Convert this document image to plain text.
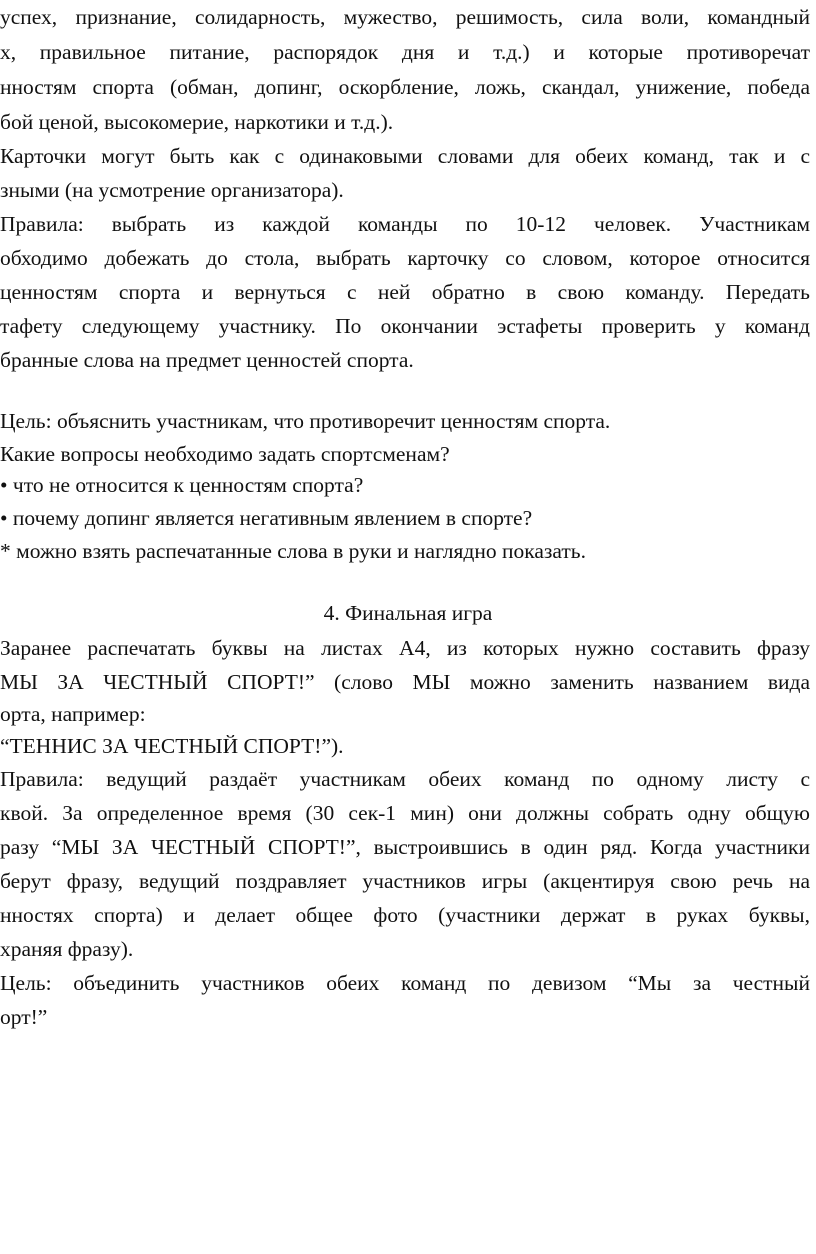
успех, признание, солидарность, мужество, решимость, сила воли, командный

х, правильное питание, распорядок дня и т.д.) и которые противоречат

нностям спорта (обман, допинг, оскорбление, ложь, скандал, унижение, победа

бой ценой, высокомерие, наркотики и т.д.).

Карточки могут быть как с одинаковыми словами для обеих команд, так и с

зными (на усмотрение организатора).

Правила: выбрать из каждой команды по 10-12 человек. Участникам

обходимо добежать до стола, выбрать карточку со словом, которое относится

ценностям спорта и вернуться с ней обратно в свою команду. Передать

тафету следующему участнику. По окончании эстафеты проверить у команд

бранные слова на предмет ценностей спорта.

Цель: объяснить участникам, что противоречит ценностям спорта.

Какие вопросы необходимо задать спортсменам?

• что не относится к ценностям спорта?

• почему допинг является негативным явлением в спорте?

* можно взять распечатанные слова в руки и наглядно показать.

4. Финальная игра

Заранее распечатать буквы на листах А4, из которых нужно составить фразу

МЫ ЗА ЧЕСТНЫЙ СПОРТ!” (слово МЫ можно заменить названием вида

орта, например:

“ТЕННИС ЗА ЧЕСТНЫЙ СПОРТ!”).

Правила: ведущий раздаёт участникам обеих команд по одному листу с

квой. За определенное время (30 сек-1 мин) они должны собрать одну общую

разу “МЫ ЗА ЧЕСТНЫЙ СПОРТ!”, выстроившись в один ряд. Когда участники

берут фразу, ведущий поздравляет участников игры (акцентируя свою речь на

нностях спорта) и делает общее фото (участники держат в руках буквы,

храняя фразу).

Цель: объединить участников обеих команд по девизом “Мы за честный

орт!”
